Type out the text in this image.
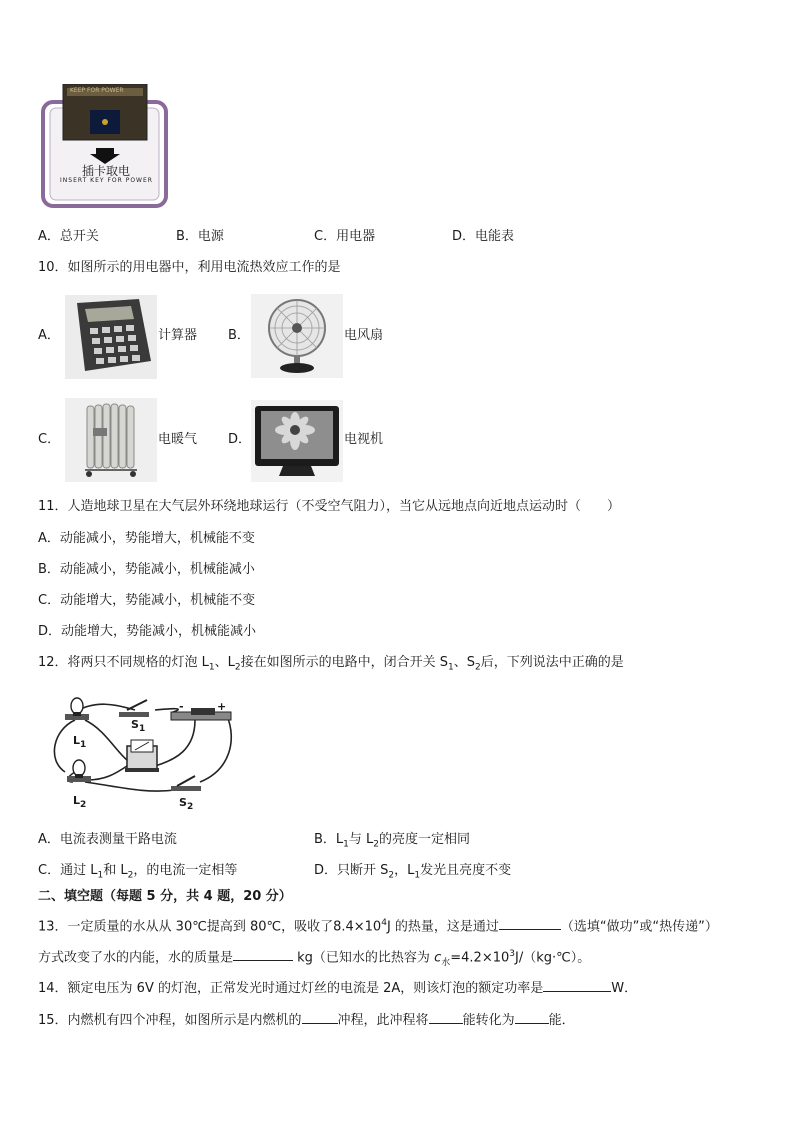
插卡取电
INSERT KEY FOR POWER
KEEP FOR POWER
A．总开关	B．电源	C．用电器	D．电能表
10．如图所示的用电器中，利用电流热效应工作的是
A．	计算器 B．	电风扇
C．	电暖气 D．	电视机
11．人造地球卫星在大气层外环绕地球运行（不受空气阻力），当它从远地点向近地点运动时（　　）
A．动能减小，势能增大，机械能不变
B．动能减小，势能减小，机械能减小
C．动能增大，势能减小，机械能不变
D．动能增大，势能减小，机械能减小
12．将两只不同规格的灯泡 $L_1$、$L_2$接在如图所示的电路中，闭合开关 $S_1$、$S_2$后，下列说法中正确的是
$L_1$
$S_1$
-	+
$L_2$	$S_2$
A．电流表测量干路电流	B．$L_1$与 $L_2$的亮度一定相同
C．通过 $L_1$和 $L_2$，的电流一定相等	D．只断开 $S_2$，$L_1$发光且亮度不变
二、填空题（每题 5 分，共 4 题，20 分）
13．一定质量的水从从 30℃提高到 80℃，吸收了$8.4\times 10^4J$ 的热量，这是通过	（选填“做功”或“热传递”）
方式改变了水的内能，水的质量是	kg（已知水的比热容为 $c_水=4.2\times 10^3J/(kg\cdot℃)$。
14．额定电压为 6V 的灯泡，正常发光时通过灯丝的电流是 2A，则该灯泡的额定功率是	W．
15．内燃机有四个冲程，如图所示是内燃机的	冲程，此冲程将	能转化为	能．
